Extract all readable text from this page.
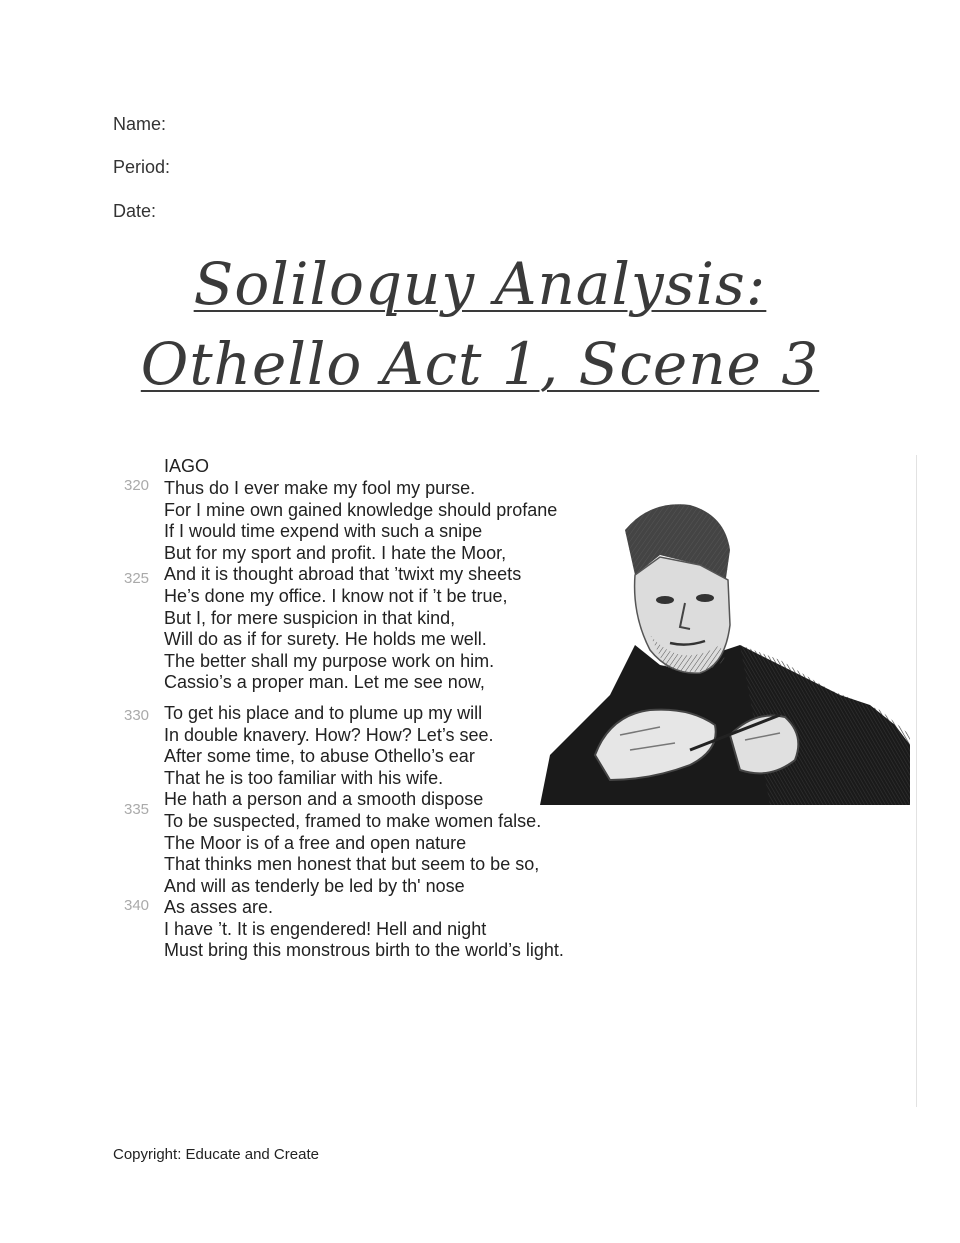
Name:
Period:
Date:
Soliloquy Analysis:
Othello Act 1, Scene 3
IAGO
320
325
330
335
340
Thus do I ever make my fool my purse.
For I mine own gained knowledge should profane
If I would time expend with such a snipe
But for my sport and profit. I hate the Moor,
And it is thought abroad that ’twixt my sheets
He’s done my office. I know not if ’t be true,
But I, for mere suspicion in that kind,
Will do as if for surety. He holds me well.
The better shall my purpose work on him.
Cassio’s a proper man. Let me see now,
To get his place and to plume up my will
In double knavery. How? How? Let’s see.
After some time, to abuse Othello’s ear
That he is too familiar with his wife.
He hath a person and a smooth dispose
To be suspected, framed to make women false.
The Moor is of a free and open nature
That thinks men honest that but seem to be so,
And will as tenderly be led by th' nose
As asses are.
I have ’t. It is engendered! Hell and night
Must bring this monstrous birth to the world’s light.
Copyright: Educate and Create
